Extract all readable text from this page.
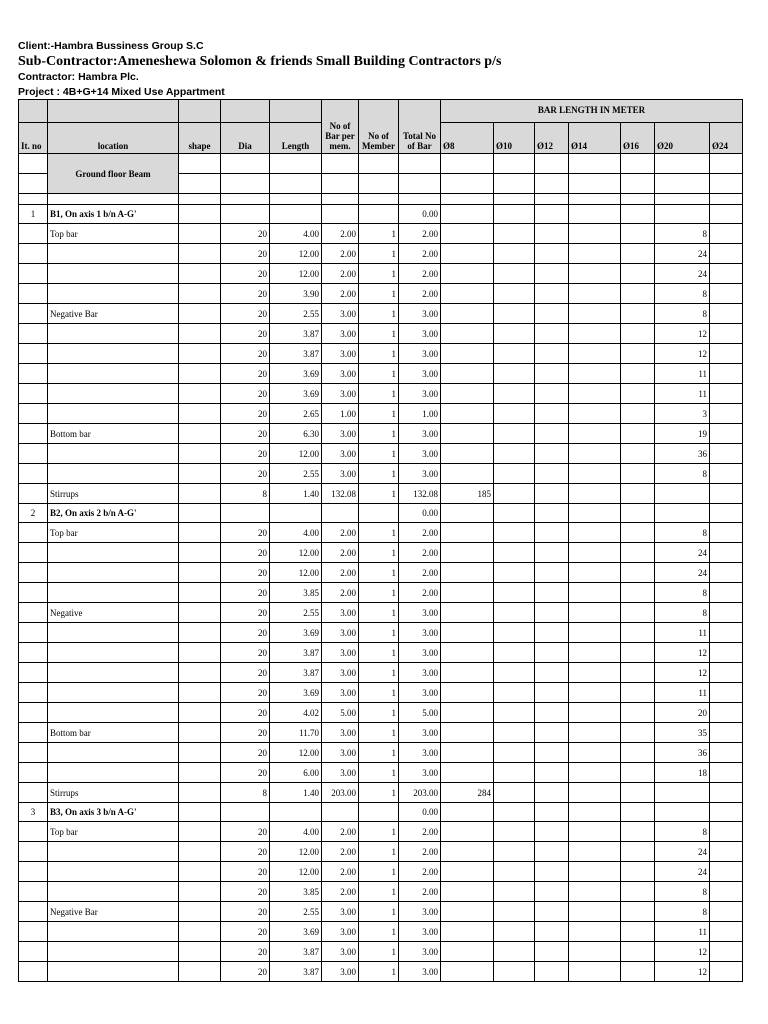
Client:-Hambra Bussiness Group S.C
Sub-Contractor:Ameneshewa Solomon & friends Small Building Contractors p/s
Contractor: Hambra Plc.
Project : 4B+G+14 Mixed Use Appartment
					No of Bar per mem.	No of Member	Total No of Bar	BAR LENGTH IN METER						
It. no	location	shape	Dia	Length				Ø8	Ø10	Ø12	Ø14	Ø16	Ø20	Ø24
	Ground floor Beam													

1	B1, On axis 1 b/n A-G'						0.00							
	Top bar		20	4.00	2.00	1	2.00						8	
			20	12.00	2.00	1	2.00						24	
			20	12.00	2.00	1	2.00						24	
			20	3.90	2.00	1	2.00						8	
	Negative Bar		20	2.55	3.00	1	3.00						8	
			20	3.87	3.00	1	3.00						12	
			20	3.87	3.00	1	3.00						12	
			20	3.69	3.00	1	3.00						11	
			20	3.69	3.00	1	3.00						11	
			20	2.65	1.00	1	1.00						3	
	Bottom bar		20	6.30	3.00	1	3.00						19	
			20	12.00	3.00	1	3.00						36	
			20	2.55	3.00	1	3.00						8	
	Stirrups		8	1.40	132.08	1	132.08	185						
2	B2, On axis 2 b/n A-G'						0.00							
	Top bar		20	4.00	2.00	1	2.00						8	
			20	12.00	2.00	1	2.00						24	
			20	12.00	2.00	1	2.00						24	
			20	3.85	2.00	1	2.00						8	
	Negative		20	2.55	3.00	1	3.00						8	
			20	3.69	3.00	1	3.00						11	
			20	3.87	3.00	1	3.00						12	
			20	3.87	3.00	1	3.00						12	
			20	3.69	3.00	1	3.00						11	
			20	4.02	5.00	1	5.00						20	
	Bottom bar		20	11.70	3.00	1	3.00						35	
			20	12.00	3.00	1	3.00						36	
			20	6.00	3.00	1	3.00						18	
	Stirrups		8	1.40	203.00	1	203.00	284						
3	B3, On axis 3 b/n A-G'						0.00							
	Top bar		20	4.00	2.00	1	2.00						8	
			20	12.00	2.00	1	2.00						24	
			20	12.00	2.00	1	2.00						24	
			20	3.85	2.00	1	2.00						8	
	Negative Bar		20	2.55	3.00	1	3.00						8	
			20	3.69	3.00	1	3.00						11	
			20	3.87	3.00	1	3.00						12	
			20	3.87	3.00	1	3.00						12	
